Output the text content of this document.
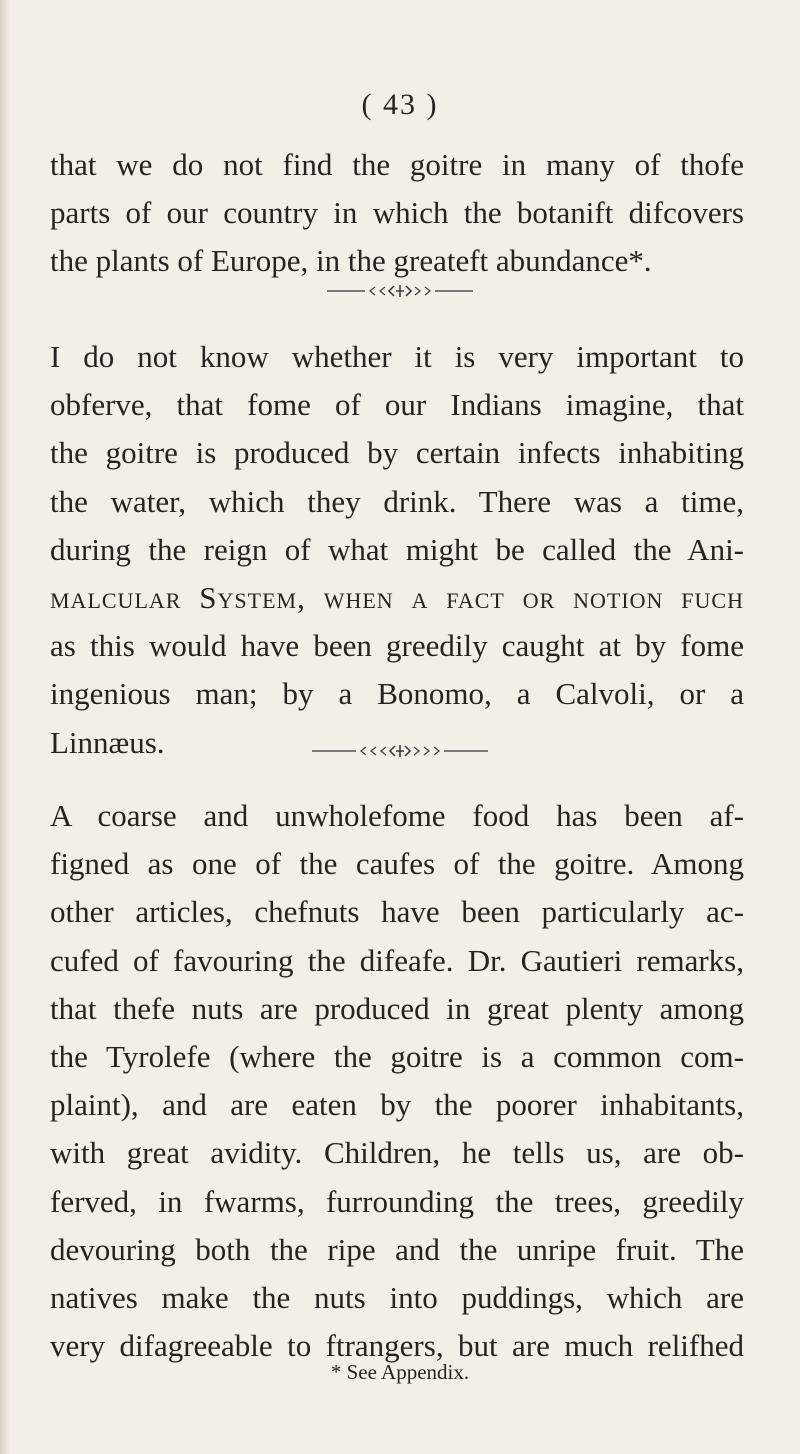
( 43 )
that we do not find the goitre in many of thofe
parts of our country in which the botanift difcovers
the plants of Europe, in the greateft abundance*.
I do not know whether it is very important to
obferve, that fome of our Indians imagine, that
the goitre is produced by certain infects inhabiting
the water, which they drink. There was a time,
during the reign of what might be called the Ani-
malcular System, when a fact or notion fuch
as this would have been greedily caught at by fome
ingenious man; by a Bonomo, a Calvoli, or a
Linnæus.
A coarse and unwholefome food has been af-
figned as one of the caufes of the goitre. Among
other articles, chefnuts have been particularly ac-
cufed of favouring the difeafe. Dr. Gautieri remarks,
that thefe nuts are produced in great plenty among
the Tyrolefe (where the goitre is a common com-
plaint), and are eaten by the poorer inhabitants,
with great avidity. Children, he tells us, are ob-
ferved, in fwarms, furrounding the trees, greedily
devouring both the ripe and the unripe fruit. The
natives make the nuts into puddings, which are
very difagreeable to ftrangers, but are much relifhed
* See Appendix.
